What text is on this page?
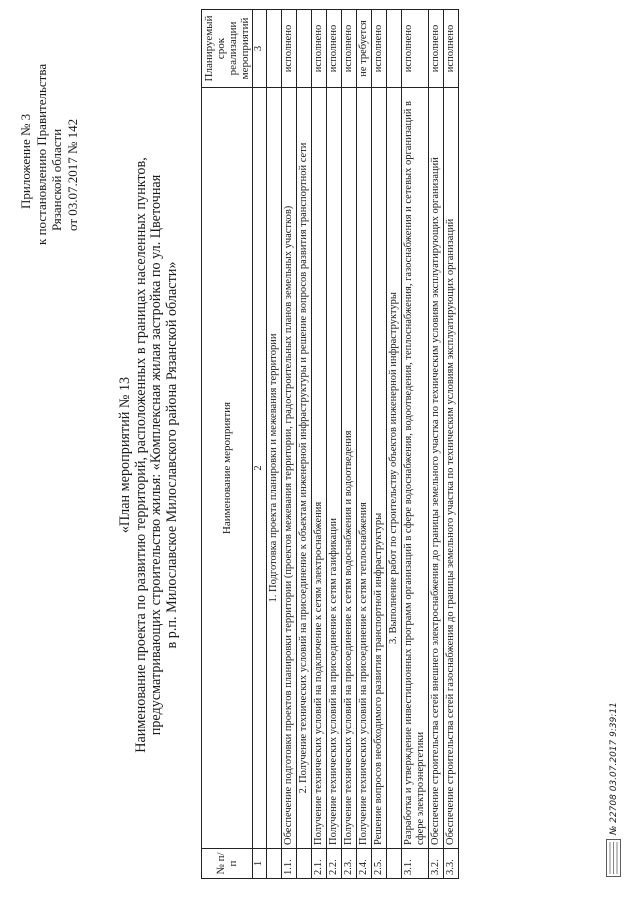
Приложение № 3 к постановлению Правительства Рязанской области от 03.07.2017 № 142
«План мероприятий № 13 Наименование проекта по развитию территорий, расположенных в границах населенных пунктов, предусматривающих строительство жилья: «Комплексная жилая застройка по ул. Цветочная в р.п. Милославское Милославского района Рязанской области»
№ п/п	Наименование мероприятия	Планируемый срок реализации мероприятий
1	2	3
	1. Подготовка проекта планировки и межевания территории	
1.1.	Обеспечение подготовки проектов планировки территории (проектов межевания территории, градостроительных планов земельных участков)	исполнено
	2. Получение технических условий на присоединение к объектам инженерной инфраструктуры и решение вопросов развития транспортной сети	
2.1.	Получение технических условий на подключение к сетям электроснабжения	исполнено
2.2.	Получение технических условий на присоединение к сетям газификации	исполнено
2.3.	Получение технических условий на присоединение к сетям водоснабжения и водоотведения	исполнено
2.4.	Получение технических условий на присоединение к сетям теплоснабжения	не требуется
2.5.	Решение вопросов необходимого развития транспортной инфраструктуры	исполнено
	3. Выполнение работ по строительству объектов инженерной инфраструктуры	
3.1.	Разработка и утверждение инвестиционных программ организаций в сфере водоснабжения, водоотведения, теплоснабжения, газоснабжения и сетевых организаций в сфере электроэнергетики	исполнено
3.2.	Обеспечение строительства сетей внешнего электроснабжения до границы земельного участка по техническим условиям эксплуатирующих организаций	исполнено
3.3.	Обеспечение строительства сетей газоснабжения до границы земельного участка по техническим условиям эксплуатирующих организаций	исполнено
№ 22708 03.07.2017 9:39:11
